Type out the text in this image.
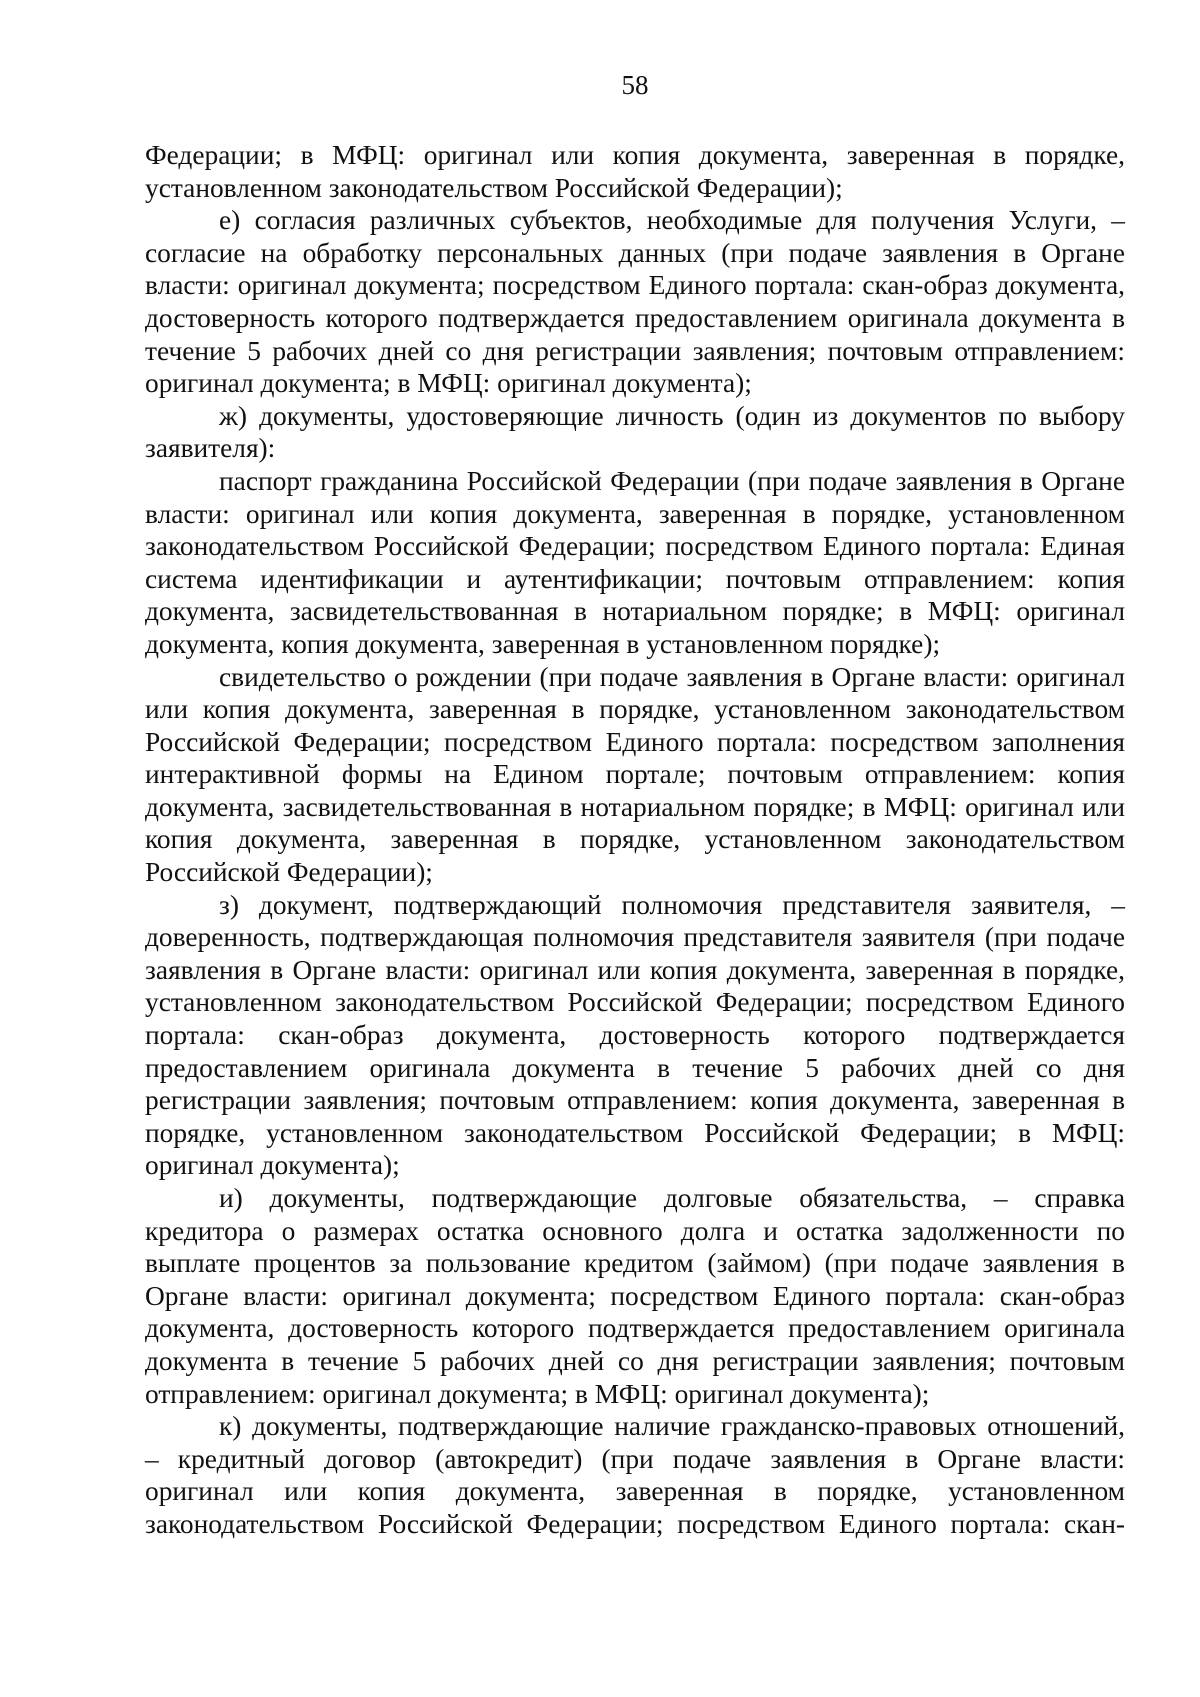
58

Федерации; в МФЦ: оригинал или копия документа, заверенная в порядке, установленном законодательством Российской Федерации);

е) согласия различных субъектов, необходимые для получения Услуги, – согласие на обработку персональных данных (при подаче заявления в Органе власти: оригинал документа; посредством Единого портала: скан-образ документа, достоверность которого подтверждается предоставлением оригинала документа в течение 5 рабочих дней со дня регистрации заявления; почтовым отправлением: оригинал документа; в МФЦ: оригинал документа);

ж) документы, удостоверяющие личность (один из документов по выбору заявителя):

паспорт гражданина Российской Федерации (при подаче заявления в Органе власти: оригинал или копия документа, заверенная в порядке, установленном законодательством Российской Федерации; посредством Единого портала: Единая система идентификации и аутентификации; почтовым отправлением: копия документа, засвидетельствованная в нотариальном порядке; в МФЦ: оригинал документа, копия документа, заверенная в установленном порядке);

свидетельство о рождении (при подаче заявления в Органе власти: оригинал или копия документа, заверенная в порядке, установленном законодательством Российской Федерации; посредством Единого портала: посредством заполнения интерактивной формы на Едином портале; почтовым отправлением: копия документа, засвидетельствованная в нотариальном порядке; в МФЦ: оригинал или копия документа, заверенная в порядке, установленном законодательством Российской Федерации);

з) документ, подтверждающий полномочия представителя заявителя, – доверенность, подтверждающая полномочия представителя заявителя (при подаче заявления в Органе власти: оригинал или копия документа, заверенная в порядке, установленном законодательством Российской Федерации; посредством Единого портала: скан-образ документа, достоверность которого подтверждается предоставлением оригинала документа в течение 5 рабочих дней со дня регистрации заявления; почтовым отправлением: копия документа, заверенная в порядке, установленном законодательством Российской Федерации; в МФЦ: оригинал документа);

и) документы, подтверждающие долговые обязательства, – справка кредитора о размерах остатка основного долга и остатка задолженности по выплате процентов за пользование кредитом (займом) (при подаче заявления в Органе власти: оригинал документа; посредством Единого портала: скан-образ документа, достоверность которого подтверждается предоставлением оригинала документа в течение 5 рабочих дней со дня регистрации заявления; почтовым отправлением: оригинал документа; в МФЦ: оригинал документа);

к) документы, подтверждающие наличие гражданско-правовых отношений, – кредитный договор (автокредит) (при подаче заявления в Органе власти: оригинал или копия документа, заверенная в порядке, установленном законодательством Российской Федерации; посредством Единого портала: скан-
